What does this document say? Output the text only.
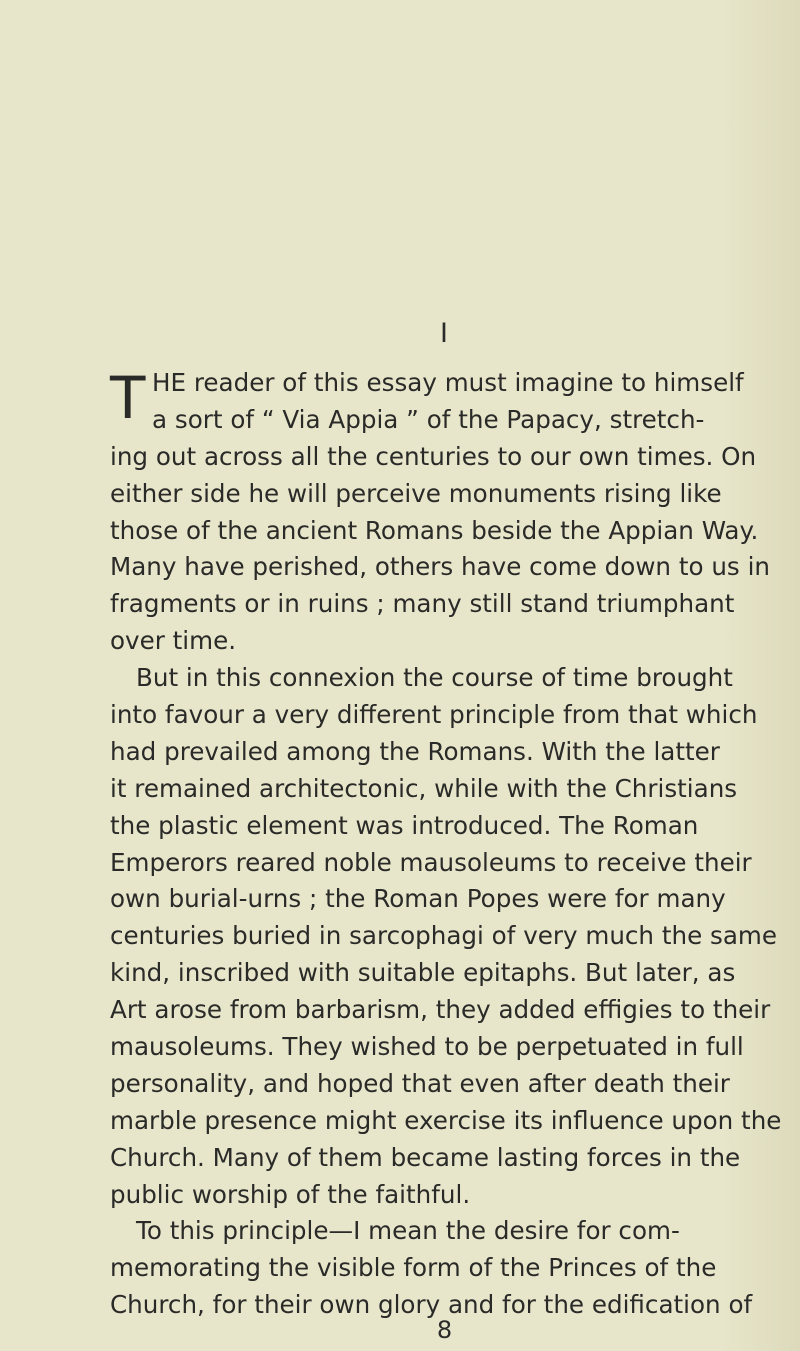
I
T HE reader of this essay must imagine to himself
a sort of “ Via Appia ” of the Papacy, stretch-
ing out across all the centuries to our own times. On
either side he will perceive monuments rising like
those of the ancient Romans beside the Appian Way.
Many have perished, others have come down to us in
fragments or in ruins ; many still stand triumphant
over time.
But in this connexion the course of time brought
into favour a very different principle from that which
had prevailed among the Romans. With the latter
it remained architectonic, while with the Christians
the plastic element was introduced. The Roman
Emperors reared noble mausoleums to receive their
own burial-urns ; the Roman Popes were for many
centuries buried in sarcophagi of very much the same
kind, inscribed with suitable epitaphs. But later, as
Art arose from barbarism, they added effigies to their
mausoleums. They wished to be perpetuated in full
personality, and hoped that even after death their
marble presence might exercise its influence upon the
Church. Many of them became lasting forces in the
public worship of the faithful.
To this principle—I mean the desire for com-
memorating the visible form of the Princes of the
Church, for their own glory and for the edification of
8
